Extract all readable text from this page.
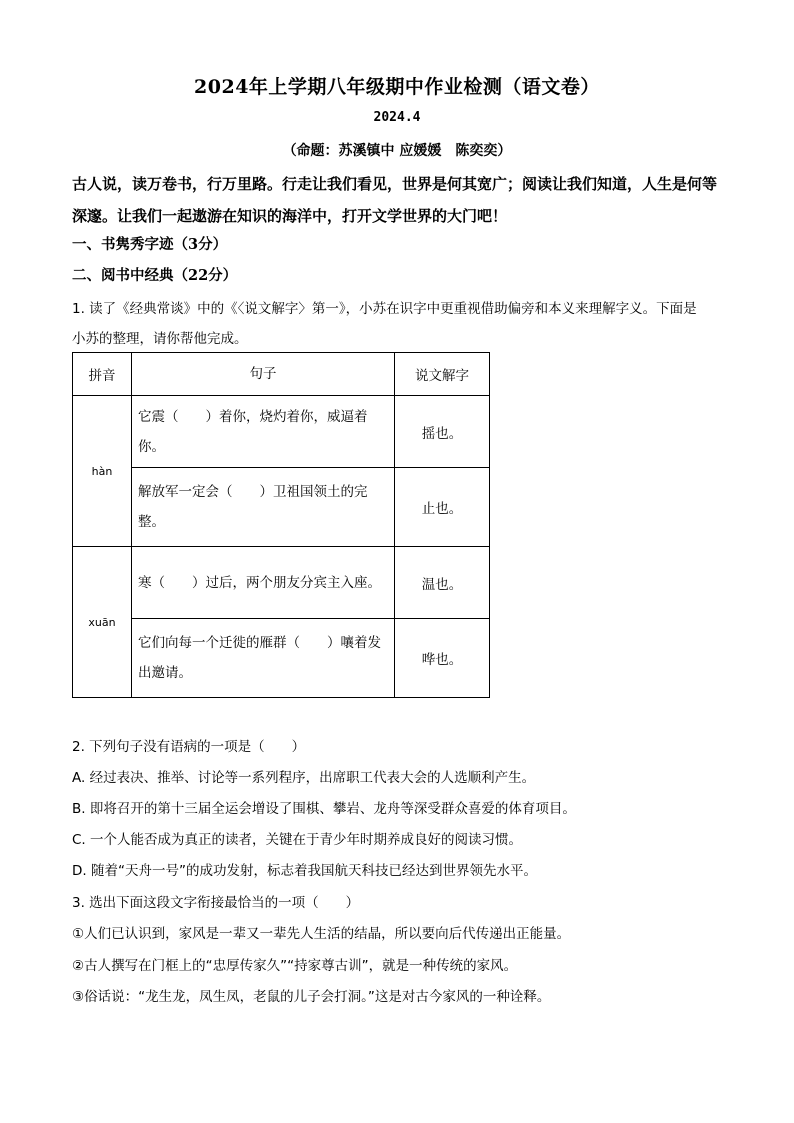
2024年上学期八年级期中作业检测（语文卷）
2024.4
（命题：苏溪镇中 应媛媛　陈奕奕）
古人说，读万卷书，行万里路。行走让我们看见，世界是何其宽广；阅读让我们知道，人生是何等深邃。让我们一起遨游在知识的海洋中，打开文学世界的大门吧！
一、书隽秀字迹（3分）
二、阅书中经典（22分）
1. 读了《经典常谈》中的《〈说文解字〉第一》，小苏在识字中更重视借助偏旁和本义来理解字义。下面是
小苏的整理，请你帮他完成。
拼音	句子	说文解字
hàn	它震（　　）着你，烧灼着你，威逼着你。	摇也。
	解放军一定会（　　）卫祖国领土的完整。	止也。
xuān	寒（　　）过后，两个朋友分宾主入座。	温也。
	它们向每一个迁徙的雁群（　　）嚷着发出邀请。	哗也。
2. 下列句子没有语病的一项是（　　）
A. 经过表决、推举、讨论等一系列程序，出席职工代表大会的人选顺利产生。
B. 即将召开的第十三届全运会增设了围棋、攀岩、龙舟等深受群众喜爱的体育项目。
C. 一个人能否成为真正的读者，关键在于青少年时期养成良好的阅读习惯。
D. 随着“天舟一号”的成功发射，标志着我国航天科技已经达到世界领先水平。
3. 选出下面这段文字衔接最恰当的一项（　　）
①人们已认识到，家风是一辈又一辈先人生活的结晶，所以要向后代传递出正能量。
②古人撰写在门框上的“忠厚传家久”“持家尊古训”，就是一种传统的家风。
③俗话说：“龙生龙，凤生凤，老鼠的儿子会打洞。”这是对古今家风的一种诠释。
